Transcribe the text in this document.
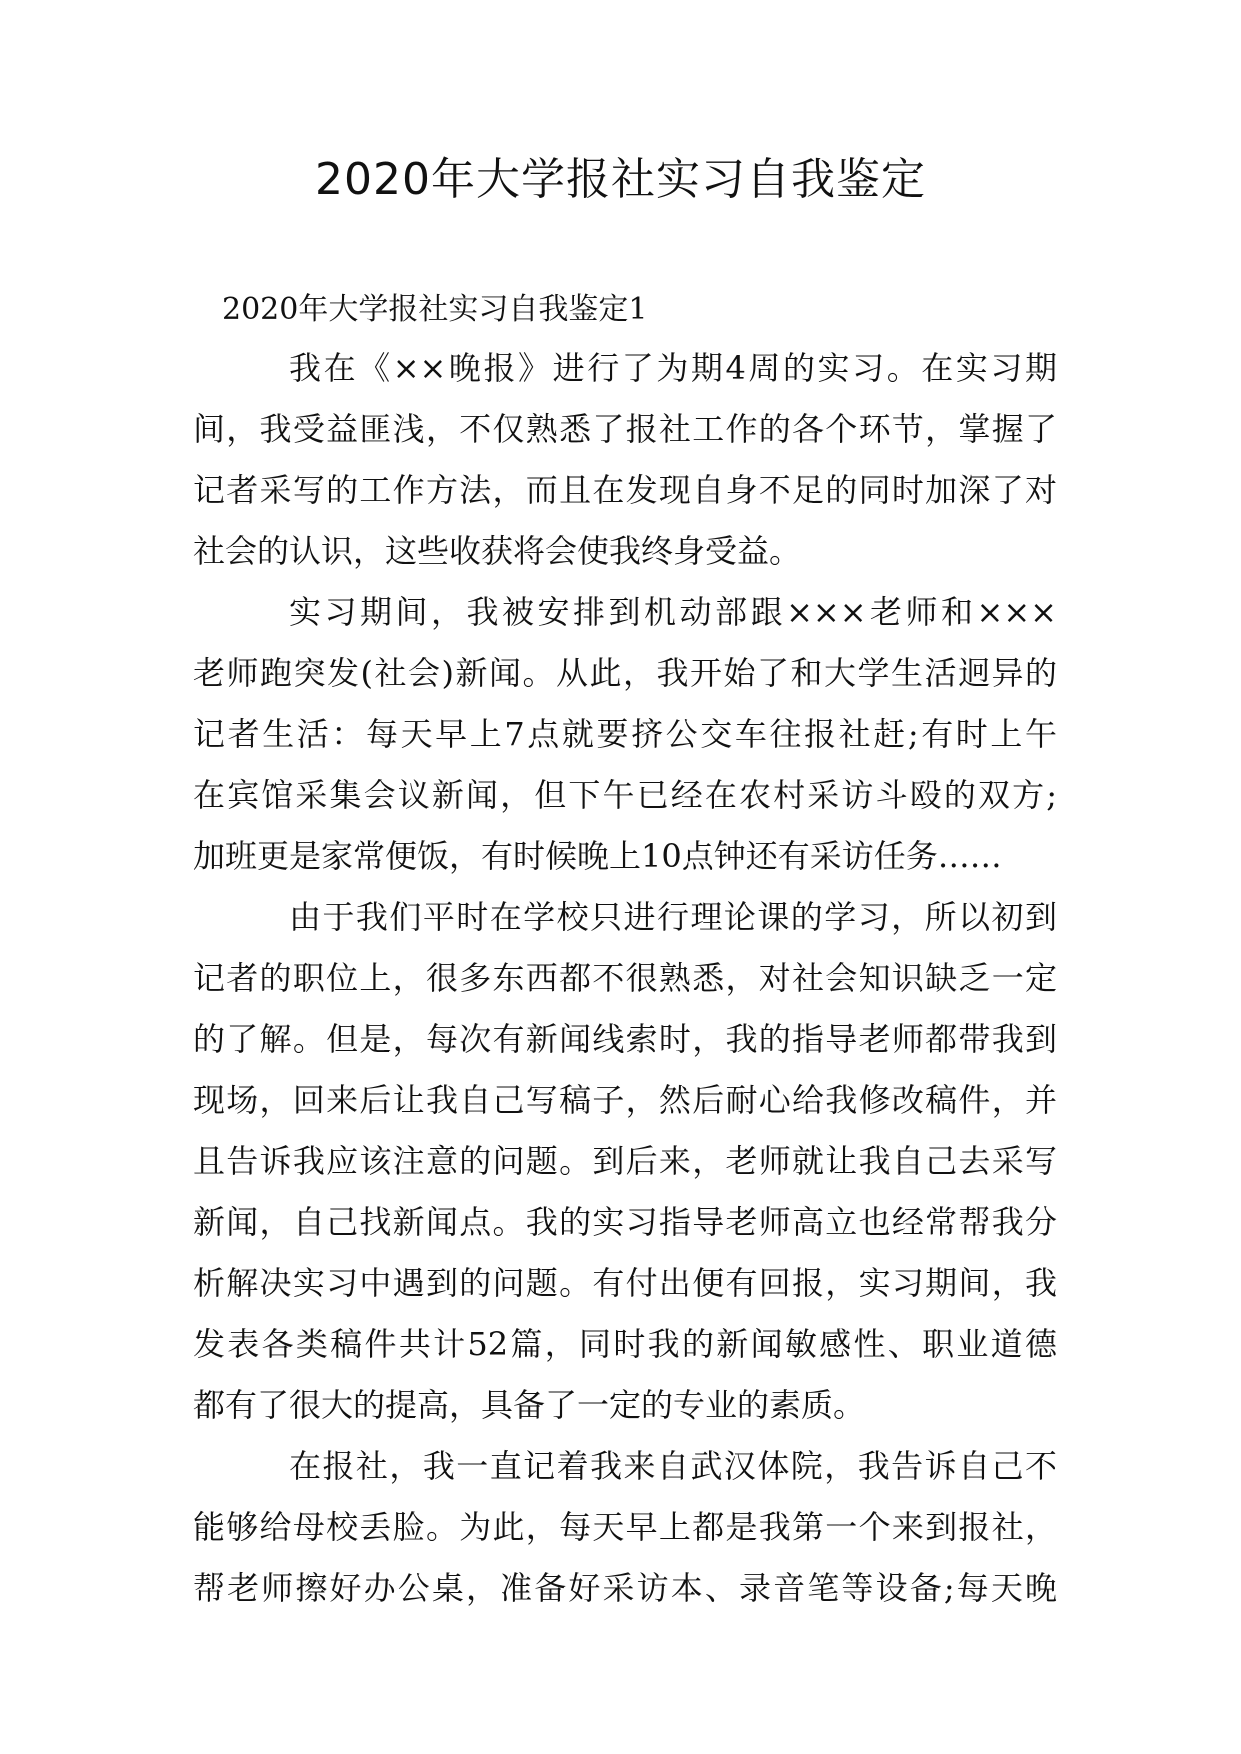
2020年大学报社实习自我鉴定
2020年大学报社实习自我鉴定1
我在《××晚报》进行了为期4周的实习。在实习期
间，我受益匪浅，不仅熟悉了报社工作的各个环节，掌握了
记者采写的工作方法，而且在发现自身不足的同时加深了对
社会的认识，这些收获将会使我终身受益。
实习期间，我被安排到机动部跟×××老师和×××
老师跑突发(社会)新闻。从此，我开始了和大学生活迥异的
记者生活：每天早上7点就要挤公交车往报社赶;有时上午
在宾馆采集会议新闻，但下午已经在农村采访斗殴的双方;
加班更是家常便饭，有时候晚上10点钟还有采访任务……
由于我们平时在学校只进行理论课的学习，所以初到
记者的职位上，很多东西都不很熟悉，对社会知识缺乏一定
的了解。但是，每次有新闻线索时，我的指导老师都带我到
现场，回来后让我自己写稿子，然后耐心给我修改稿件，并
且告诉我应该注意的问题。到后来，老师就让我自己去采写
新闻，自己找新闻点。我的实习指导老师高立也经常帮我分
析解决实习中遇到的问题。有付出便有回报，实习期间，我
发表各类稿件共计52篇，同时我的新闻敏感性、职业道德
都有了很大的提高，具备了一定的专业的素质。
在报社，我一直记着我来自武汉体院，我告诉自己不
能够给母校丢脸。为此，每天早上都是我第一个来到报社，
帮老师擦好办公桌，准备好采访本、录音笔等设备;每天晚
